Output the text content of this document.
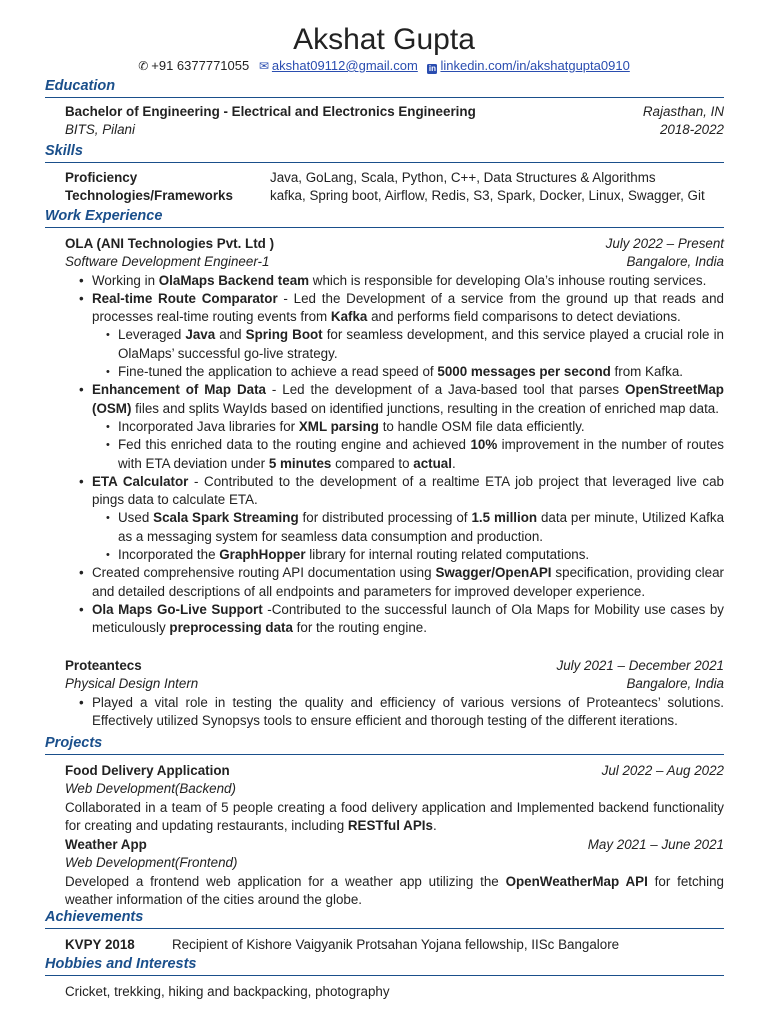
Akshat Gupta
✆ +91 6377771055 ✉ akshat09112@gmail.com in linkedin.com/in/akshatgupta0910
Education
Bachelor of Engineering - Electrical and Electronics Engineering	Rajasthan, IN
BITS, Pilani	2018-2022
Skills
Proficiency	Java, GoLang, Scala, Python, C++, Data Structures & Algorithms
Technologies/Frameworks	kafka, Spring boot, Airflow, Redis, S3, Spark, Docker, Linux, Swagger, Git
Work Experience
OLA (ANI Technologies Pvt. Ltd )	July 2022 – Present
Software Development Engineer-1	Bangalore, India
• Working in OlaMaps Backend team which is responsible for developing Ola’s inhouse routing services.
• Real-time Route Comparator - Led the Development of a service from the ground up that reads and processes real-time routing events from Kafka and performs field comparisons to detect deviations.
• Leveraged Java and Spring Boot for seamless development, and this service played a crucial role in OlaMaps’ successful go-live strategy.
• Fine-tuned the application to achieve a read speed of 5000 messages per second from Kafka.
• Enhancement of Map Data - Led the development of a Java-based tool that parses OpenStreetMap (OSM) files and splits WayIds based on identified junctions, resulting in the creation of enriched map data.
• Incorporated Java libraries for XML parsing to handle OSM file data efficiently.
• Fed this enriched data to the routing engine and achieved 10% improvement in the number of routes with ETA deviation under 5 minutes compared to actual.
• ETA Calculator - Contributed to the development of a realtime ETA job project that leveraged live cab pings data to calculate ETA.
• Used Scala Spark Streaming for distributed processing of 1.5 million data per minute, Utilized Kafka as a messaging system for seamless data consumption and production.
• Incorporated the GraphHopper library for internal routing related computations.
• Created comprehensive routing API documentation using Swagger/OpenAPI specification, providing clear and detailed descriptions of all endpoints and parameters for improved developer experience.
• Ola Maps Go-Live Support -Contributed to the successful launch of Ola Maps for Mobility use cases by meticulously preprocessing data for the routing engine.
Proteantecs	July 2021 – December 2021
Physical Design Intern	Bangalore, India
• Played a vital role in testing the quality and efficiency of various versions of Proteantecs’ solutions. Effectively utilized Synopsys tools to ensure efficient and thorough testing of the different iterations.
Projects
Food Delivery Application	Jul 2022 – Aug 2022
Web Development(Backend)
Collaborated in a team of 5 people creating a food delivery application and Implemented backend functionality for creating and updating restaurants, including RESTful APIs.
Weather App	May 2021 – June 2021
Web Development(Frontend)
Developed a frontend web application for a weather app utilizing the OpenWeatherMap API for fetching weather information of the cities around the globe.
Achievements
KVPY 2018	Recipient of Kishore Vaigyanik Protsahan Yojana fellowship, IISc Bangalore
Hobbies and Interests
Cricket, trekking, hiking and backpacking, photography
